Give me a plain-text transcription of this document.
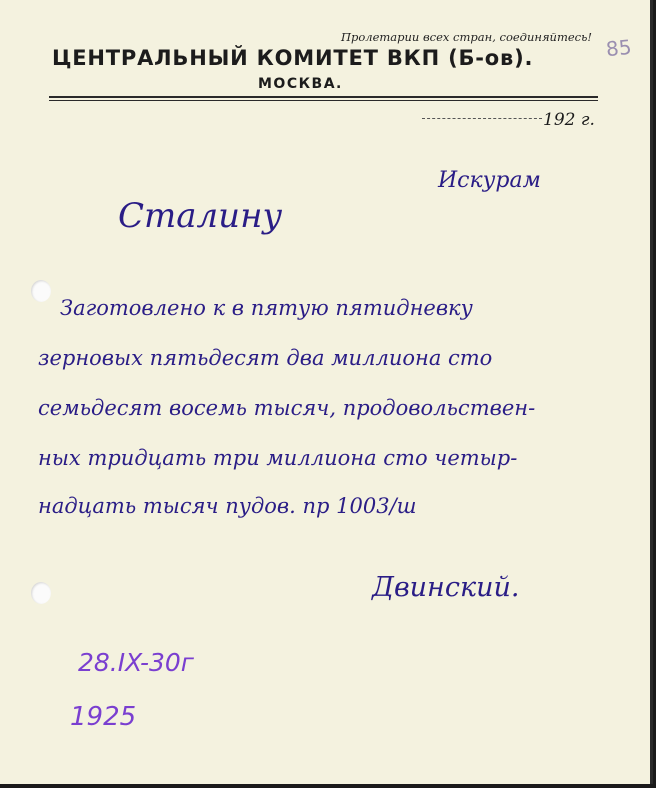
Пролетарии всех стран, соединяйтесь! 85
ЦЕНТРАЛЬНЫЙ КОМИТЕТ ВКП (Б-ов).
МОСКВА.
192 г.
Искурам
Сталину
Заготовлено к в пятую пятидневку
зерновых пятьдесят два миллиона сто
семьдесят восемь тысяч, продовольствен-
ных тридцать три миллиона сто четыр-
надцать тысяч пудов. пр 1003/ш
Двинский.
28.IX-30г
1925
